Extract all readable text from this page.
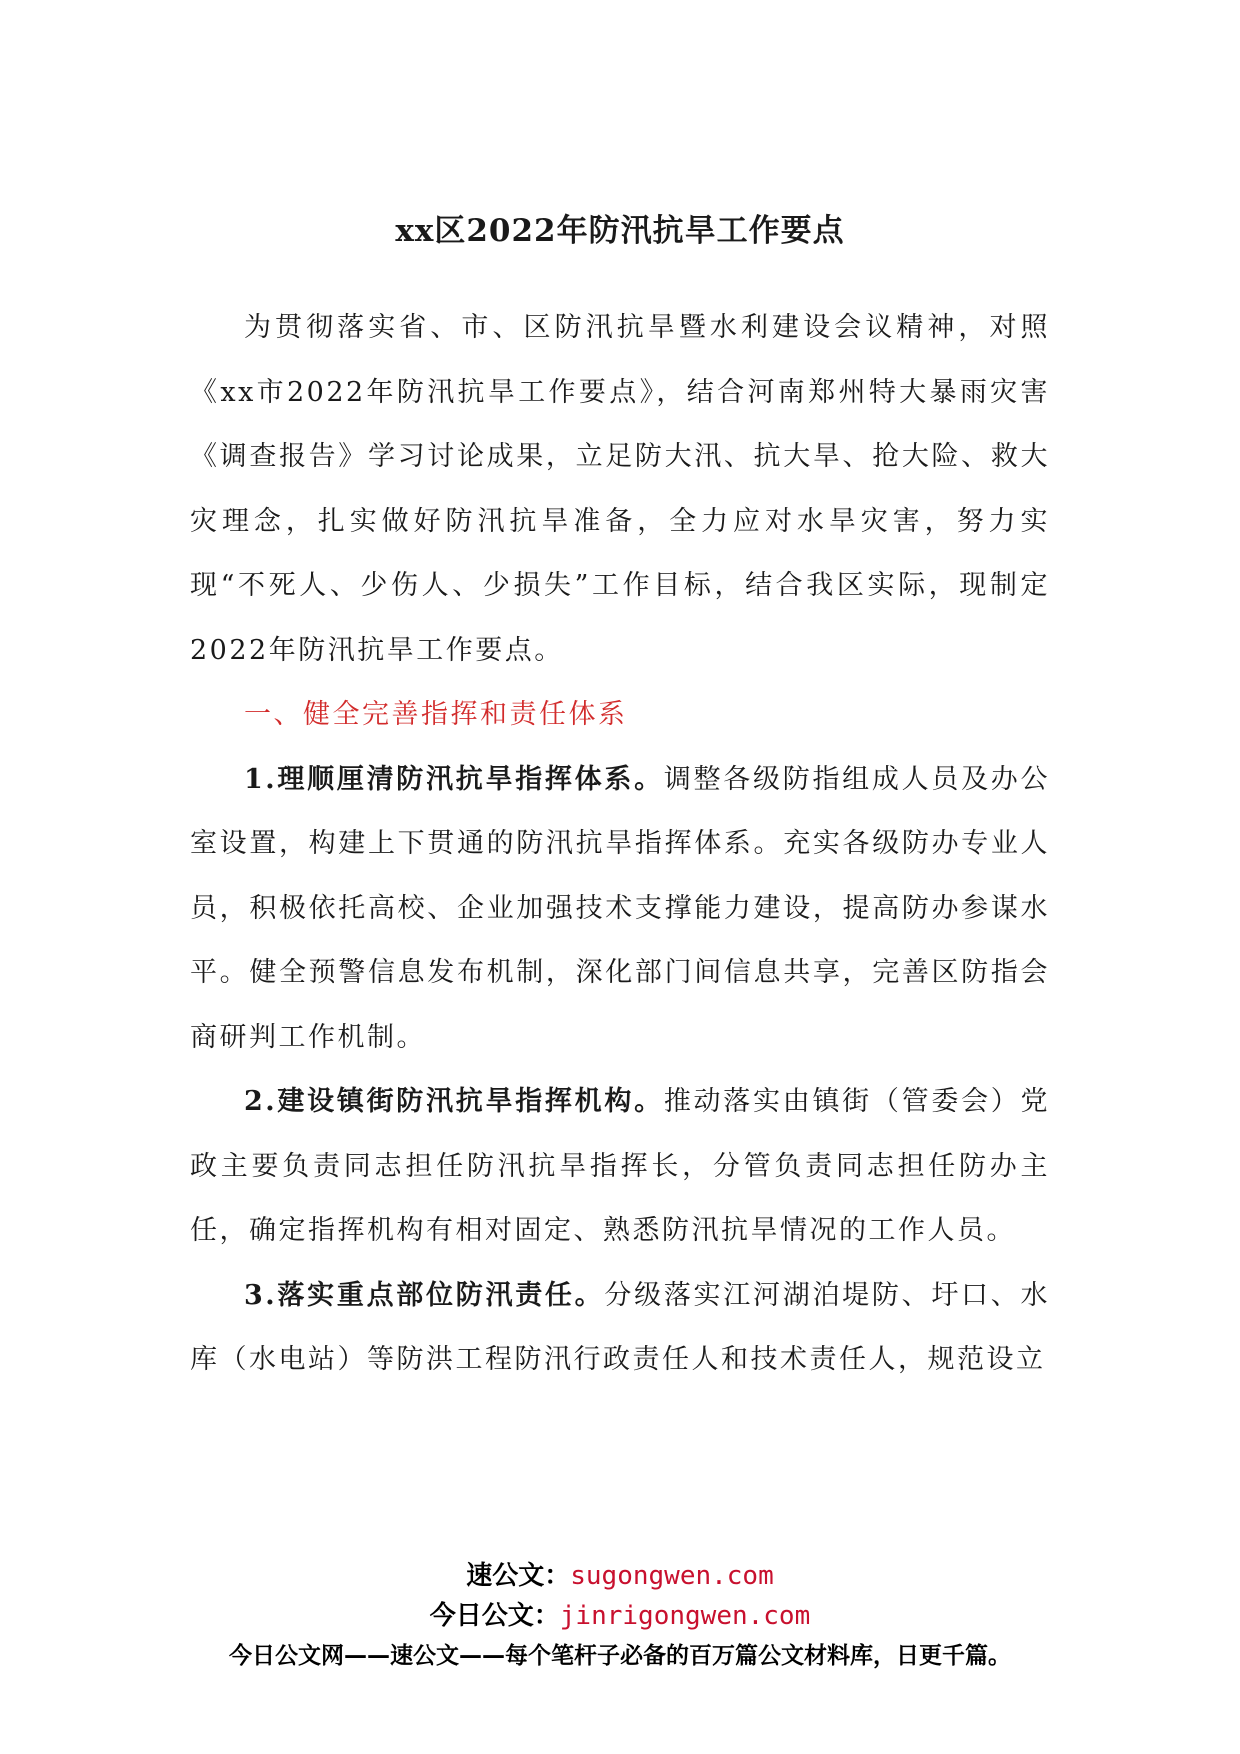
xx区2022年防汛抗旱工作要点

为贯彻落实省、市、区防汛抗旱暨水利建设会议精神，对照《xx市2022年防汛抗旱工作要点》，结合河南郑州特大暴雨灾害《调查报告》学习讨论成果，立足防大汛、抗大旱、抢大险、救大灾理念，扎实做好防汛抗旱准备，全力应对水旱灾害，努力实现“不死人、少伤人、少损失”工作目标，结合我区实际，现制定2022年防汛抗旱工作要点。

一、健全完善指挥和责任体系

1.理顺厘清防汛抗旱指挥体系。调整各级防指组成人员及办公室设置，构建上下贯通的防汛抗旱指挥体系。充实各级防办专业人员，积极依托高校、企业加强技术支撑能力建设，提高防办参谋水平。健全预警信息发布机制，深化部门间信息共享，完善区防指会商研判工作机制。

2.建设镇街防汛抗旱指挥机构。推动落实由镇街（管委会）党政主要负责同志担任防汛抗旱指挥长，分管负责同志担任防办主任，确定指挥机构有相对固定、熟悉防汛抗旱情况的工作人员。

3.落实重点部位防汛责任。分级落实江河湖泊堤防、圩口、水库（水电站）等防洪工程防汛行政责任人和技术责任人，规范设立

速公文：sugongwen.com
今日公文：jinrigongwen.com
今日公文网——速公文——每个笔杆子必备的百万篇公文材料库，日更千篇。
